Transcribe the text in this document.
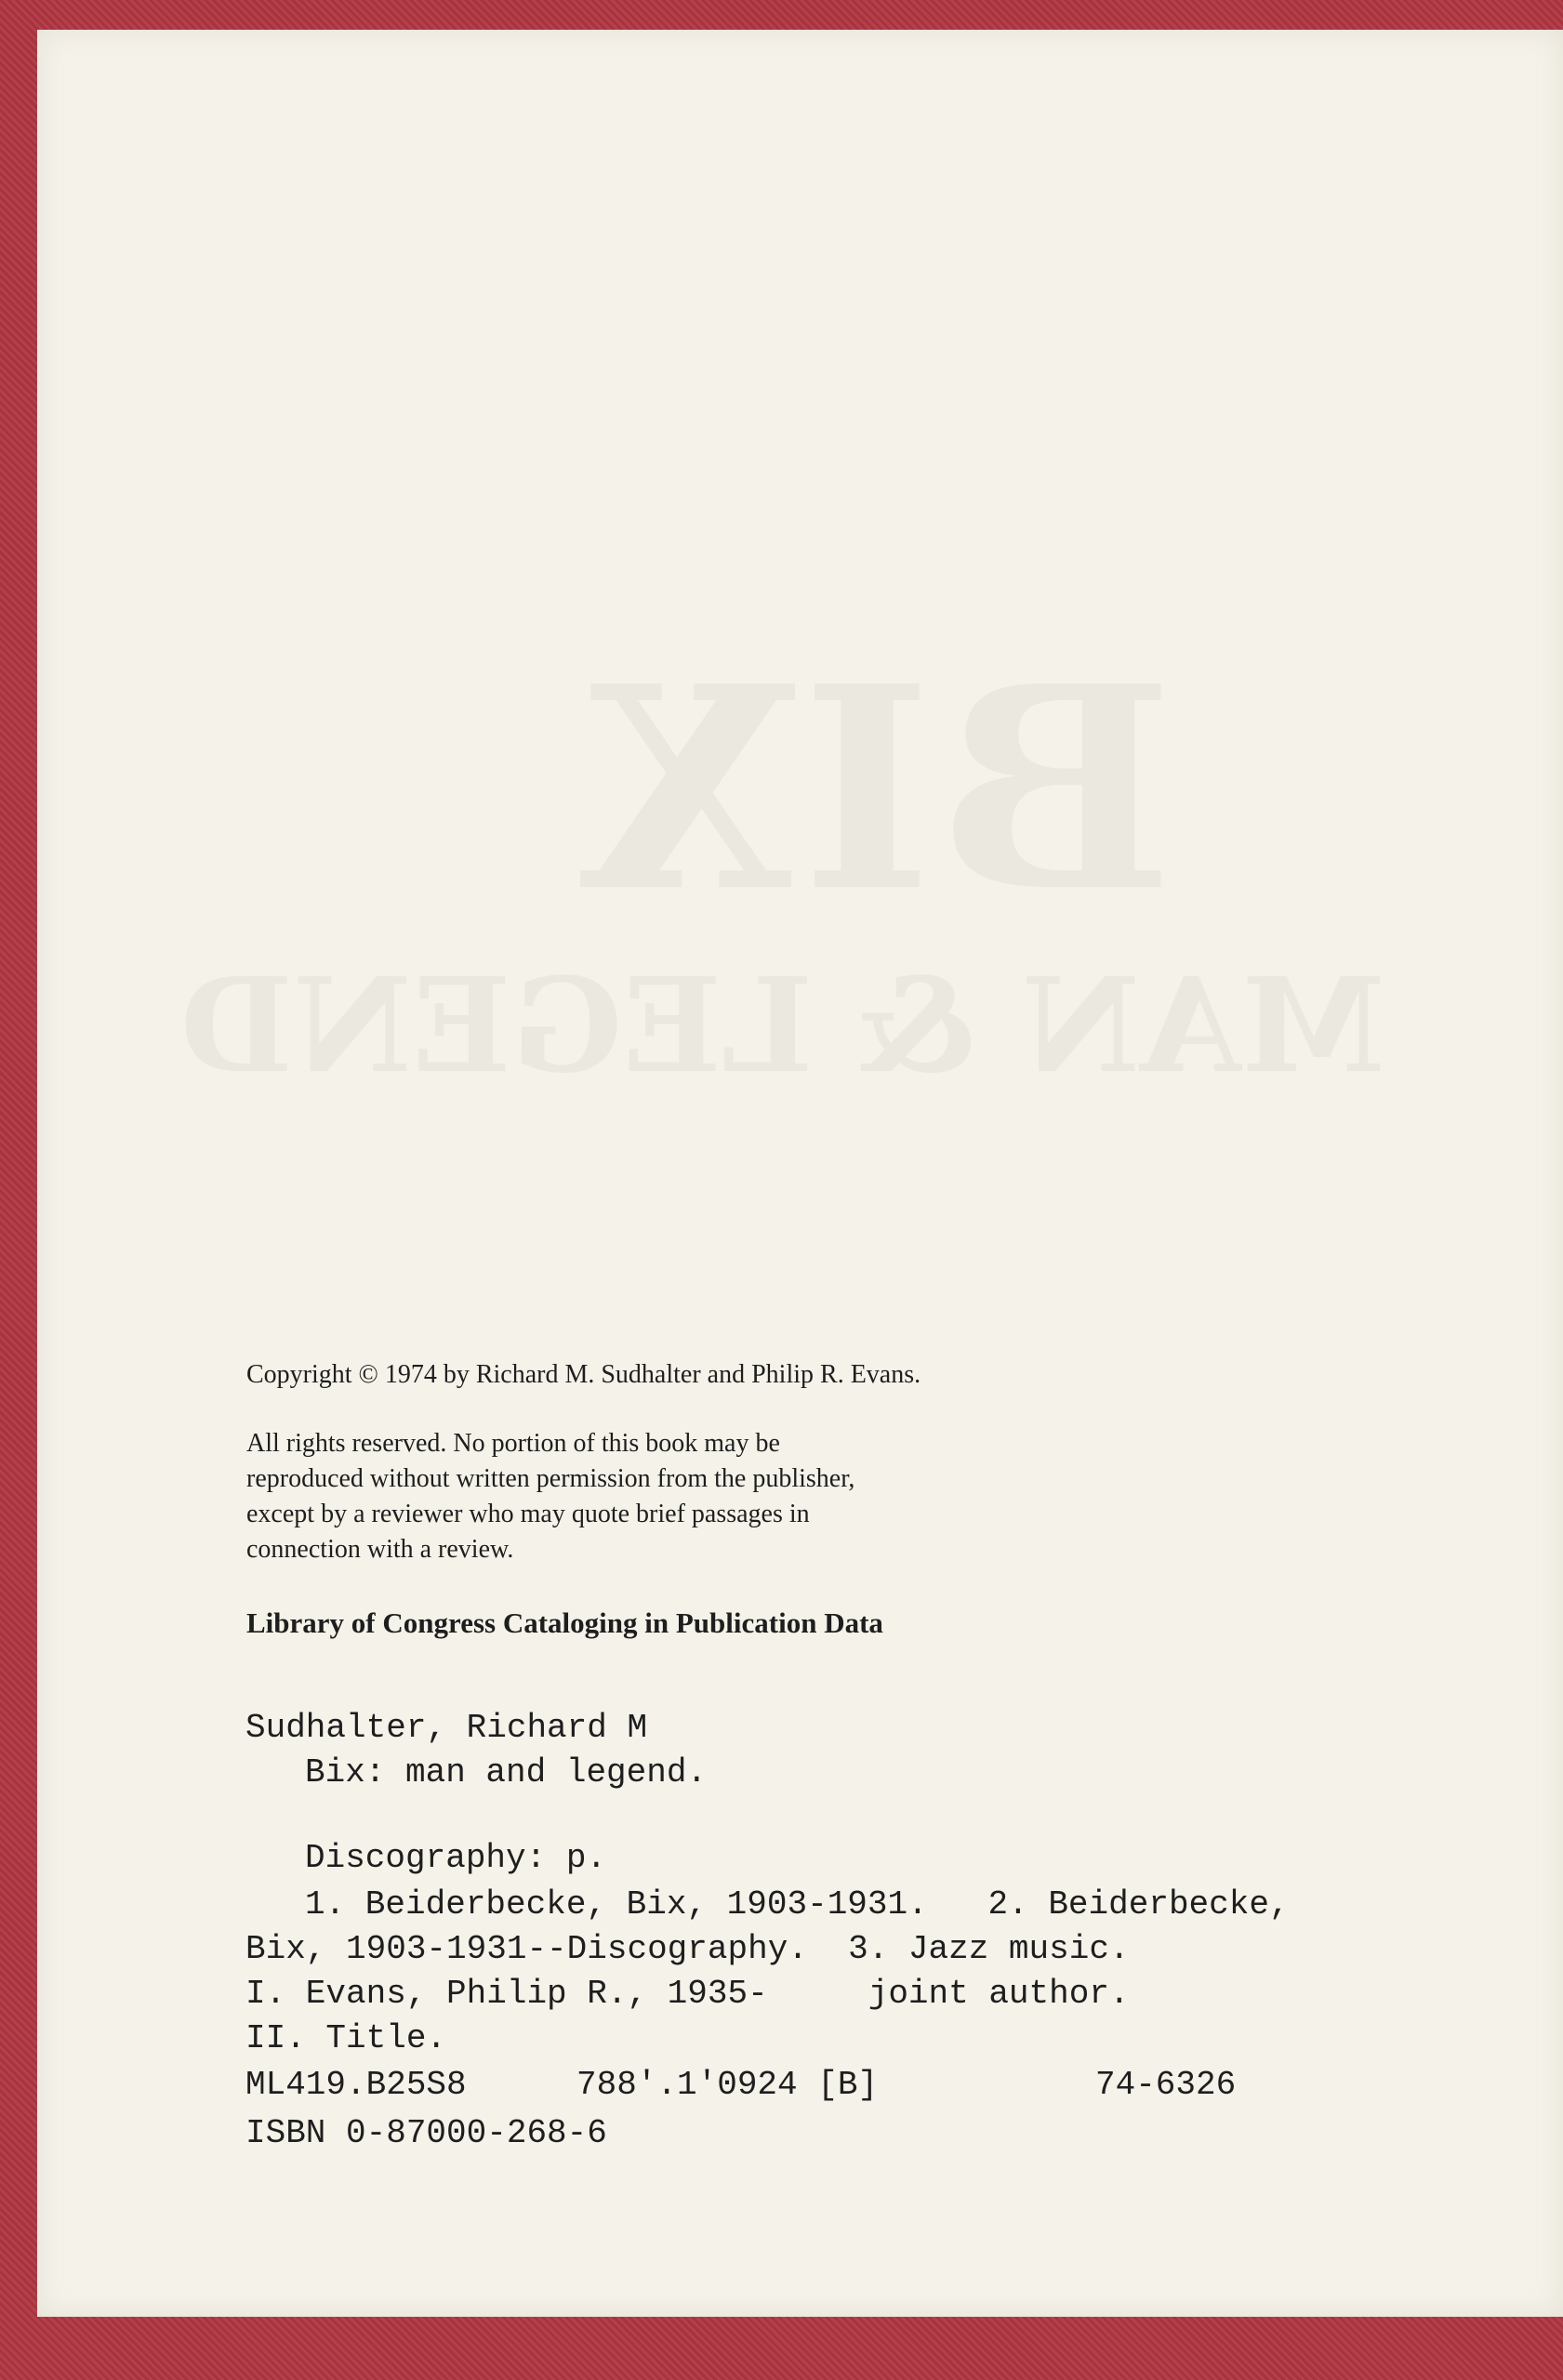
BIX
MAN & LEGEND
Copyright © 1974 by Richard M. Sudhalter and Philip R. Evans.
All rights reserved. No portion of this book may be
reproduced without written permission from the publisher,
except by a reviewer who may quote brief passages in
connection with a review.
Library of Congress Cataloging in Publication Data
Sudhalter, Richard M
Bix: man and legend.
Discography: p.
1. Beiderbecke, Bix, 1903-1931.   2. Beiderbecke,
Bix, 1903-1931--Discography.  3. Jazz music.
I. Evans, Philip R., 1935-     joint author.
II. Title.
ML419.B25S8	788'.1'0924 [B]	74-6326
ISBN 0-87000-268-6
